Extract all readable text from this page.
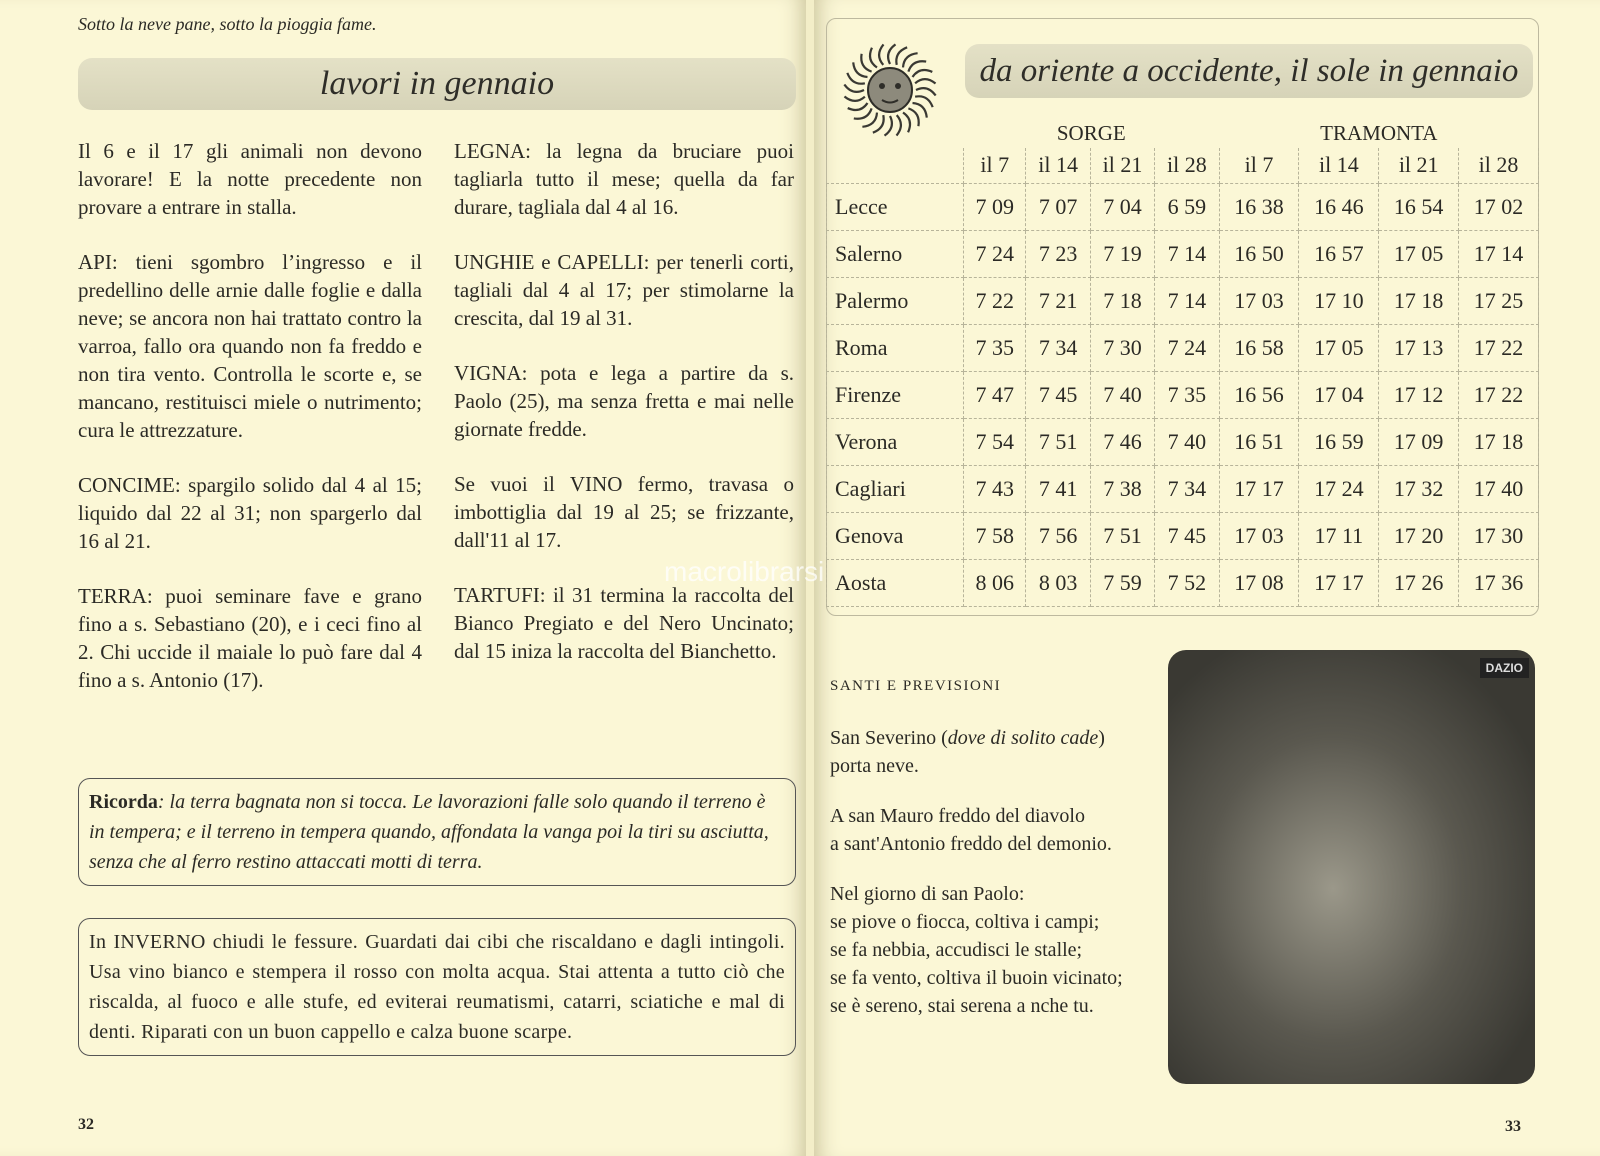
Sotto la neve pane, sotto la pioggia fame.
lavori in gennaio

Il 6 e il 17 gli animali non devono lavorare! E la notte precedente non provare a entrare in stalla.

API: tieni sgombro l’ingresso e il predellino delle arnie dalle foglie e dalla neve; se ancora non hai trattato contro la varroa, fallo ora quando non fa freddo e non tira vento. Controlla le scorte e, se mancano, restituisci miele o nutrimento; cura le attrezzature.

CONCIME: spargilo solido dal 4 al 15; liquido dal 22 al 31; non spargerlo dal 16 al 21.

TERRA: puoi seminare fave e grano fino a s. Sebastiano (20), e i ceci fino al 2. Chi uccide il maiale lo può fare dal 4 fino a s. Antonio (17).

LEGNA: la legna da bruciare puoi tagliarla tutto il mese; quella da far durare, tagliala dal 4 al 16.

UNGHIE e CAPELLI: per tenerli corti, tagliali dal 4 al 17; per stimolarne la crescita, dal 19 al 31.

VIGNA: pota e lega a partire da s. Paolo (25), ma senza fretta e mai nelle giornate fredde.

Se vuoi il VINO fermo, travasa o imbottiglia dal 19 al 25; se frizzante, dall'11 al 17.

TARTUFI: il 31 termina la raccolta del Bianco Pregiato e del Nero Uncinato; dal 15 iniza la raccolta del Bianchetto.

Ricorda: la terra bagnata non si tocca. Le lavorazioni falle solo quando il terreno è in tempera; e il terreno in tempera quando, affondata la vanga poi la tiri su asciutta, senza che al ferro restino attaccati motti di terra.
In INVERNO chiudi le fessure. Guardati dai cibi che riscaldano e dagli intingoli. Usa vino bianco e stempera il rosso con molta acqua. Stai attenta a tutto ciò che riscalda, al fuoco e alle stufe, ed eviterai reumatismi, catarri, sciatiche e mal di denti. Riparati con un buon cappello e calza buone scarpe.
32
da oriente a occidente, il sole in gennaio
	SORGE				TRAMONTA			
	il 7	il 14	il 21	il 28	il 7	il 14	il 21	il 28
Lecce	7 09	7 07	7 04	6 59	16 38	16 46	16 54	17 02
Salerno	7 24	7 23	7 19	7 14	16 50	16 57	17 05	17 14
Palermo	7 22	7 21	7 18	7 14	17 03	17 10	17 18	17 25
Roma	7 35	7 34	7 30	7 24	16 58	17 05	17 13	17 22
Firenze	7 47	7 45	7 40	7 35	16 56	17 04	17 12	17 22
Verona	7 54	7 51	7 46	7 40	16 51	16 59	17 09	17 18
Cagliari	7 43	7 41	7 38	7 34	17 17	17 24	17 32	17 40
Genova	7 58	7 56	7 51	7 45	17 03	17 11	17 20	17 30
Aosta	8 06	8 03	7 59	7 52	17 08	17 17	17 26	17 36
SANTI E PREVISIONI

San Severino (dove di solito cade)
porta neve.

A san Mauro freddo del diavolo
a sant'Antonio freddo del demonio.

Nel giorno di san Paolo:
se piove o fiocca, coltiva i campi;
se fa nebbia, accudisci le stalle;
se fa vento, coltiva il buoin vicinato;
se è sereno, stai serena a nche tu.

DAZIO
33
macrolibrarsi
